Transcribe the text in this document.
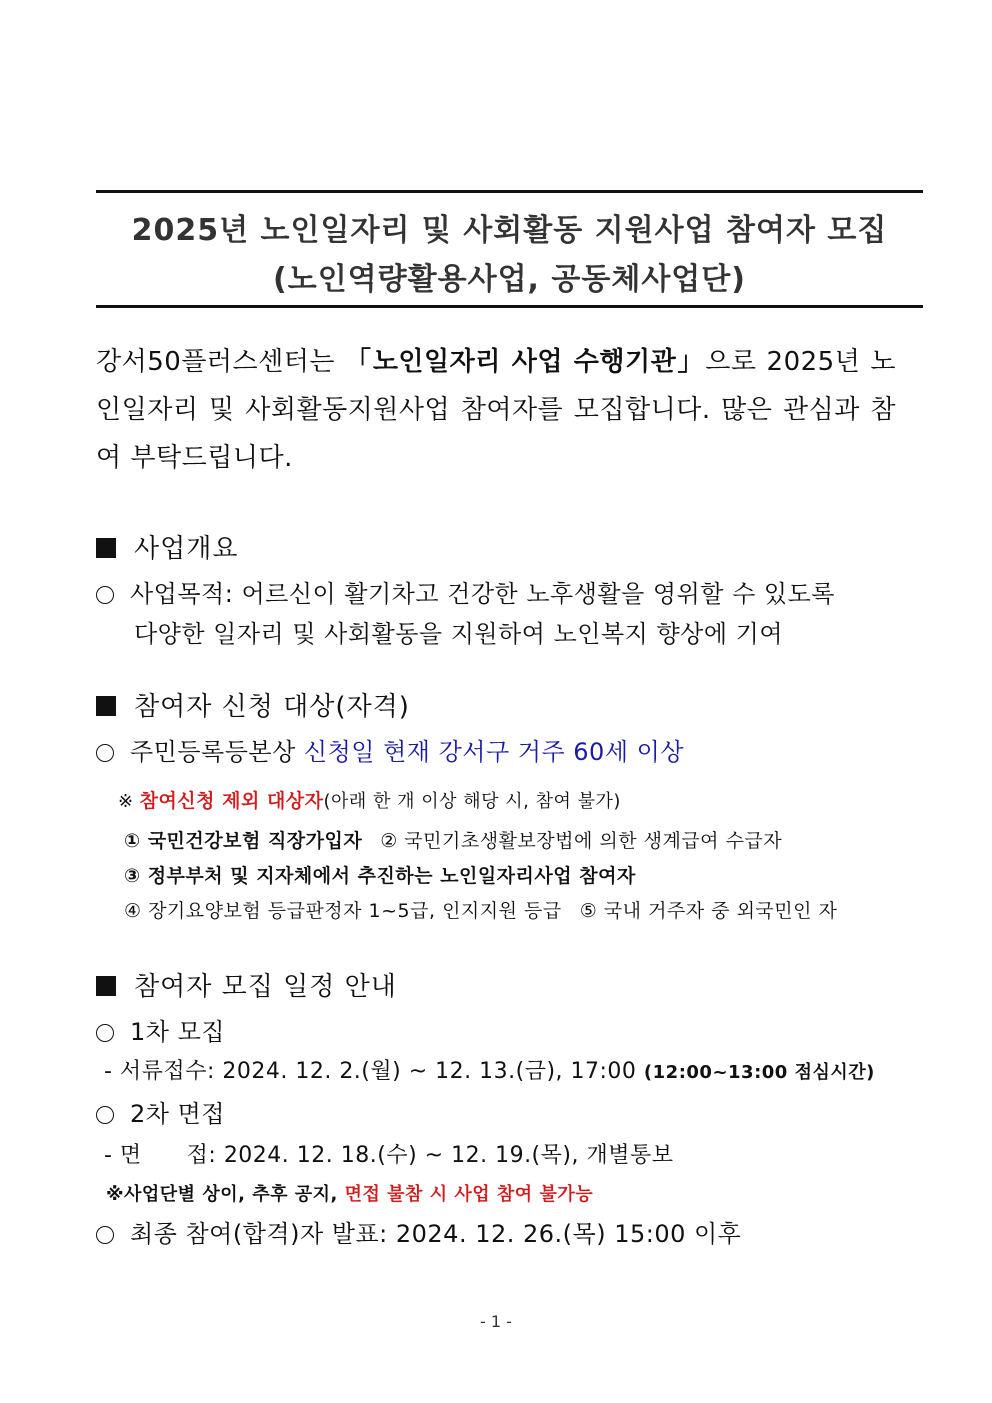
2025년 노인일자리 및 사회활동 지원사업 참여자 모집
(노인역량활용사업, 공동체사업단)
강서50플러스센터는 「노인일자리 사업 수행기관」으로 2025년 노인일자리 및 사회활동지원사업 참여자를 모집합니다. 많은 관심과 참여 부탁드립니다.
사업개요
사업목적: 어르신이 활기차고 건강한 노후생활을 영위할 수 있도록
다양한 일자리 및 사회활동을 지원하여 노인복지 향상에 기여
참여자 신청 대상(자격)
주민등록등본상 신청일 현재 강서구 거주 60세 이상
※ 참여신청 제외 대상자(아래 한 개 이상 해당 시, 참여 불가)
① 국민건강보험 직장가입자 ② 국민기초생활보장법에 의한 생계급여 수급자
③ 정부부처 및 지자체에서 추진하는 노인일자리사업 참여자
④ 장기요양보험 등급판정자 1~5급, 인지지원 등급 ⑤ 국내 거주자 중 외국민인 자
참여자 모집 일정 안내
1차 모집
- 서류접수: 2024. 12. 2.(월) ~ 12. 13.(금), 17:00 (12:00~13:00 점심시간)
2차 면접
- 면      접: 2024. 12. 18.(수) ~ 12. 19.(목), 개별통보
※사업단별 상이, 추후 공지, 면접 불참 시 사업 참여 불가능
최종 참여(합격)자 발표: 2024. 12. 26.(목) 15:00 이후
- 1 -
